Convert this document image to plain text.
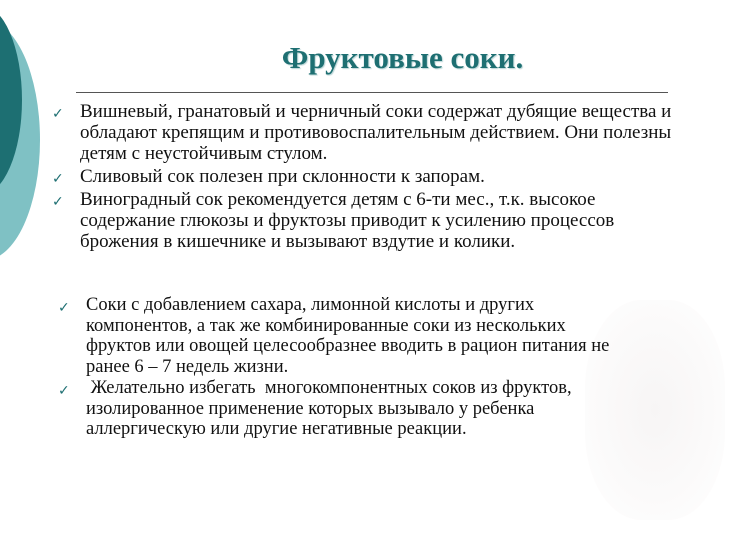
Фруктовые соки.
✓ Вишневый, гранатовый и черничный соки содержат дубящие вещества и обладают крепящим и противовоспалительным действием. Они полезны детям с неустойчивым стулом.
✓ Сливовый сок полезен при склонности к запорам.
✓ Виноградный сок рекомендуется детям с 6-ти мес., т.к. высокое содержание глюкозы и фруктозы приводит к усилению процессов брожения в кишечнике и вызывают вздутие и колики.
✓ Соки с добавлением сахара, лимонной кислоты и других компонентов, а так же комбинированные соки из нескольких фруктов или овощей целесообразнее вводить в рацион питания не ранее 6 – 7 недель жизни.
✓ Желательно избегать  многокомпонентных соков из фруктов, изолированное применение которых вызывало у ребенка аллергическую или другие негативные реакции.
